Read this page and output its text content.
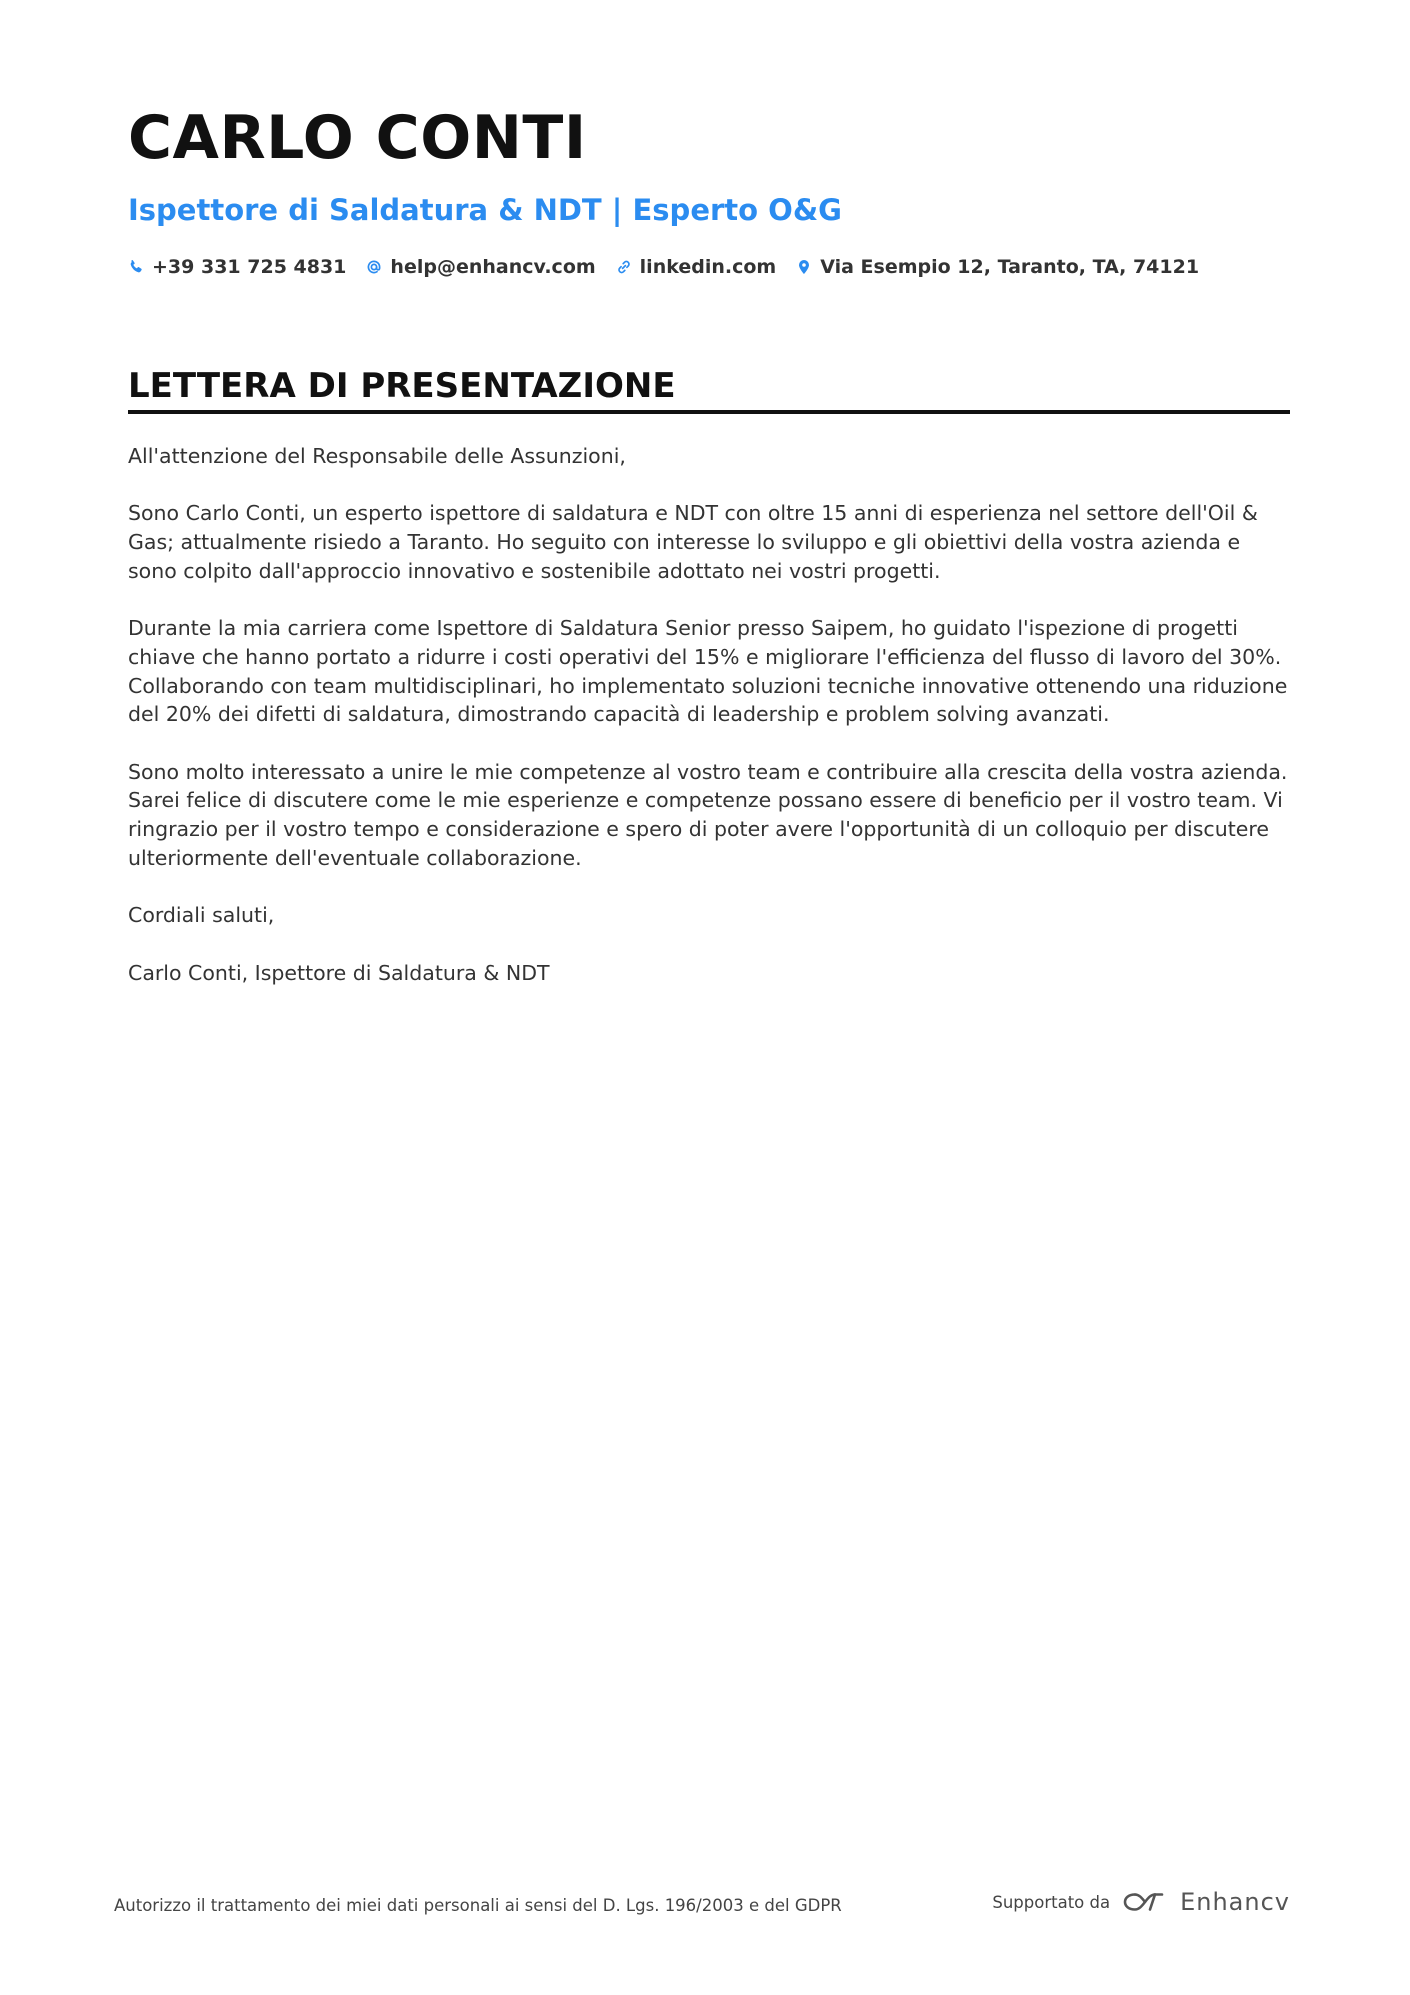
CARLO CONTI
Ispettore di Saldatura & NDT | Esperto O&G
+39 331 725 4831 help@enhancv.com linkedin.com Via Esempio 12, Taranto, TA, 74121
LETTERA DI PRESENTAZIONE

All'attenzione del Responsabile delle Assunzioni,

Sono Carlo Conti, un esperto ispettore di saldatura e NDT con oltre 15 anni di esperienza nel settore dell'Oil & Gas; attualmente risiedo a Taranto. Ho seguito con interesse lo sviluppo e gli obiettivi della vostra azienda e sono colpito dall'approccio innovativo e sostenibile adottato nei vostri progetti.

Durante la mia carriera come Ispettore di Saldatura Senior presso Saipem, ho guidato l'ispezione di progetti chiave che hanno portato a ridurre i costi operativi del 15% e migliorare l'efficienza del flusso di lavoro del 30%. Collaborando con team multidisciplinari, ho implementato soluzioni tecniche innovative ottenendo una riduzione del 20% dei difetti di saldatura, dimostrando capacità di leadership e problem solving avanzati.

Sono molto interessato a unire le mie competenze al vostro team e contribuire alla crescita della vostra azienda. Sarei felice di discutere come le mie esperienze e competenze possano essere di beneficio per il vostro team. Vi ringrazio per il vostro tempo e considerazione e spero di poter avere l'opportunità di un colloquio per discutere ulteriormente dell'eventuale collaborazione.

Cordiali saluti,

Carlo Conti, Ispettore di Saldatura & NDT

Autorizzo il trattamento dei miei dati personali ai sensi del D. Lgs. 196/2003 e del GDPR	Supportato da	Enhancv
